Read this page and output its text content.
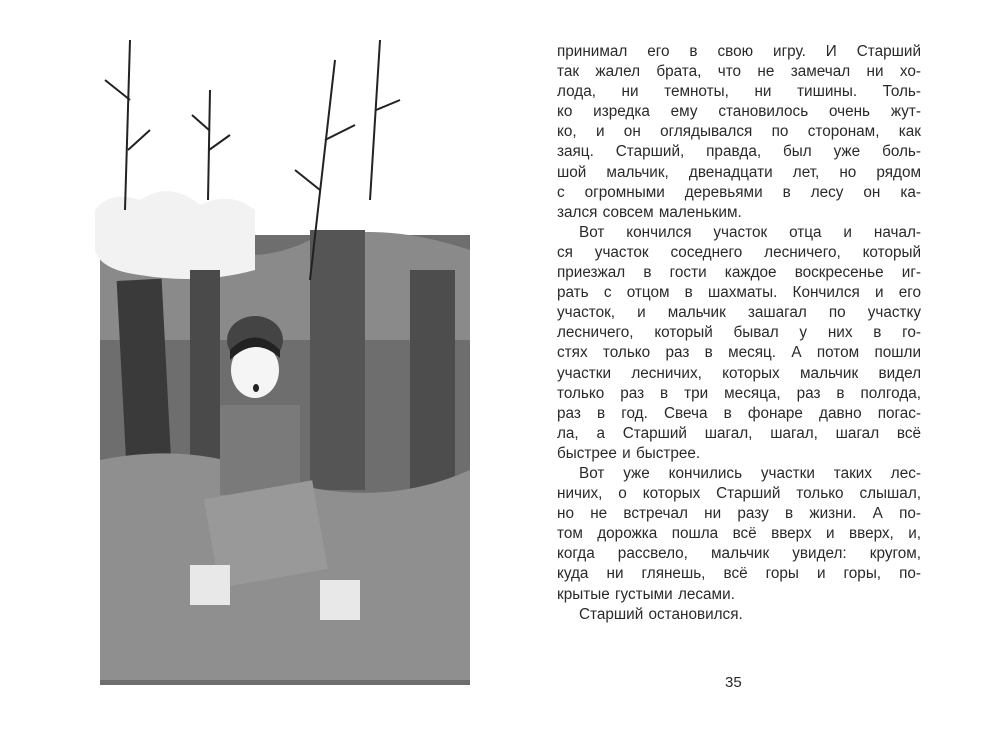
принимал его в свою игру. И Старший
так жалел брата, что не замечал ни хо-
лода, ни темноты, ни тишины. Толь-
ко изредка ему становилось очень жут-
ко, и он оглядывался по сторонам, как
заяц. Старший, правда, был уже боль-
шой мальчик, двенадцати лет, но рядом
с огромными деревьями в лесу он ка-
зался совсем маленьким.
Вот кончился участок отца и начал-
ся участок соседнего лесничего, который
приезжал в гости каждое воскресенье иг-
рать с отцом в шахматы. Кончился и его
участок, и мальчик зашагал по участку
лесничего, который бывал у них в го-
стях только раз в месяц. А потом пошли
участки лесничих, которых мальчик видел
только раз в три месяца, раз в полгода,
раз в год. Свеча в фонаре давно погас-
ла, а Старший шагал, шагал, шагал всё
быстрее и быстрее.
Вот уже кончились участки таких лес-
ничих, о которых Старший только слышал,
но не встречал ни разу в жизни. А по-
том дорожка пошла всё вверх и вверх, и,
когда рассвело, мальчик увидел: кругом,
куда ни глянешь, всё горы и горы, по-
крытые густыми лесами.
Старший остановился.
35
